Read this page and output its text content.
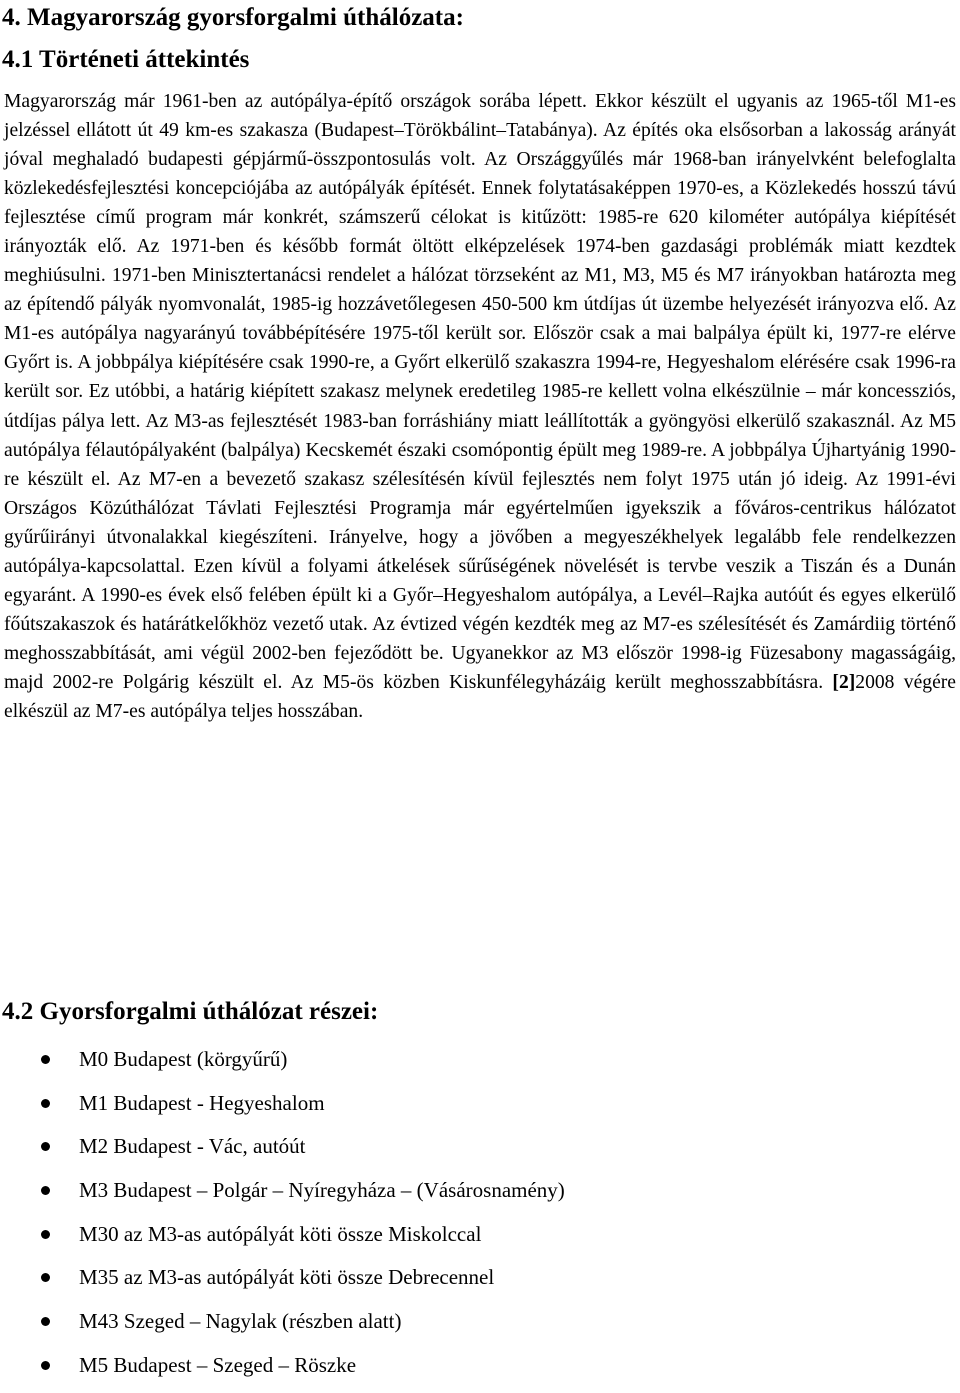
4. Magyarország gyorsforgalmi úthálózata:
4.1 Történeti áttekintés

Magyarország már 1961-ben az autópálya-építő országok sorába lépett. Ekkor készült el ugyanis az 1965-től M1-es jelzéssel ellátott út 49 km-es szakasza (Budapest–Törökbálint–Tatabánya). Az építés oka elsősorban a lakosság arányát jóval meghaladó budapesti gépjármű-összpontosulás volt. Az Országgyűlés már 1968-ban irányelvként belefoglalta közlekedésfejlesztési koncepciójába az autópályák építését. Ennek folytatásaképpen 1970-es, a Közlekedés hosszú távú fejlesztése című program már konkrét, számszerű célokat is kitűzött: 1985-re 620 kilométer autópálya kiépítését irányozták elő. Az 1971-ben és később formát öltött elképzelések 1974-ben gazdasági problémák miatt kezdtek meghiúsulni. 1971-ben Minisztertanácsi rendelet a hálózat törzseként az M1, M3, M5 és M7 irányokban határozta meg az építendő pályák nyomvonalát, 1985-ig hozzávetőlegesen 450-500 km útdíjas út üzembe helyezését irányozva elő. Az M1-es autópálya nagyarányú továbbépítésére 1975-től került sor. Először csak a mai balpálya épült ki, 1977-re elérve Győrt is. A jobbpálya kiépítésére csak 1990-re, a Győrt elkerülő szakaszra 1994-re, Hegyeshalom elérésére csak 1996-ra került sor. Ez utóbbi, a határig kiépített szakasz melynek eredetileg 1985-re kellett volna elkészülnie – már koncessziós, útdíjas pálya lett. Az M3-as fejlesztését 1983-ban forráshiány miatt leállították a gyöngyösi elkerülő szakasznál. Az M5 autópálya félautópályaként (balpálya) Kecskemét északi csomópontig épült meg 1989-re. A jobbpálya Újhartyánig 1990-re készült el. Az M7-en a bevezető szakasz szélesítésén kívül fejlesztés nem folyt 1975 után jó ideig. Az 1991-évi Országos Közúthálózat Távlati Fejlesztési Programja már egyértelműen igyekszik a főváros-centrikus hálózatot gyűrűirányi útvonalakkal kiegészíteni. Irányelve, hogy a jövőben a megyeszékhelyek legalább fele rendelkezzen autópálya-kapcsolattal. Ezen kívül a folyami átkelések sűrűségének növelését is tervbe veszik a Tiszán és a Dunán egyaránt. A 1990-es évek első felében épült ki a Győr–Hegyeshalom autópálya, a Levél–Rajka autóút és egyes elkerülő főútszakaszok és határátkelőkhöz vezető utak. Az évtized végén kezdték meg az M7-es szélesítését és Zamárdiig történő meghosszabbítását, ami végül 2002-ben fejeződött be. Ugyanekkor az M3 először 1998-ig Füzesabony magasságáig, majd 2002-re Polgárig készült el. Az M5-ös közben Kiskunfélegyházáig került meghosszabbításra. [2]2008 végére elkészül az M7-es autópálya teljes hosszában.

4.2 Gyorsforgalmi úthálózat részei:
M0 Budapest (körgyűrű)
M1 Budapest - Hegyeshalom
M2 Budapest - Vác, autóút
M3 Budapest – Polgár – Nyíregyháza – (Vásárosnamény)
M30 az M3-as autópályát köti össze Miskolccal
M35 az M3-as autópályát köti össze Debrecennel
M43 Szeged – Nagylak (részben alatt)
M5 Budapest – Szeged – Röszke
